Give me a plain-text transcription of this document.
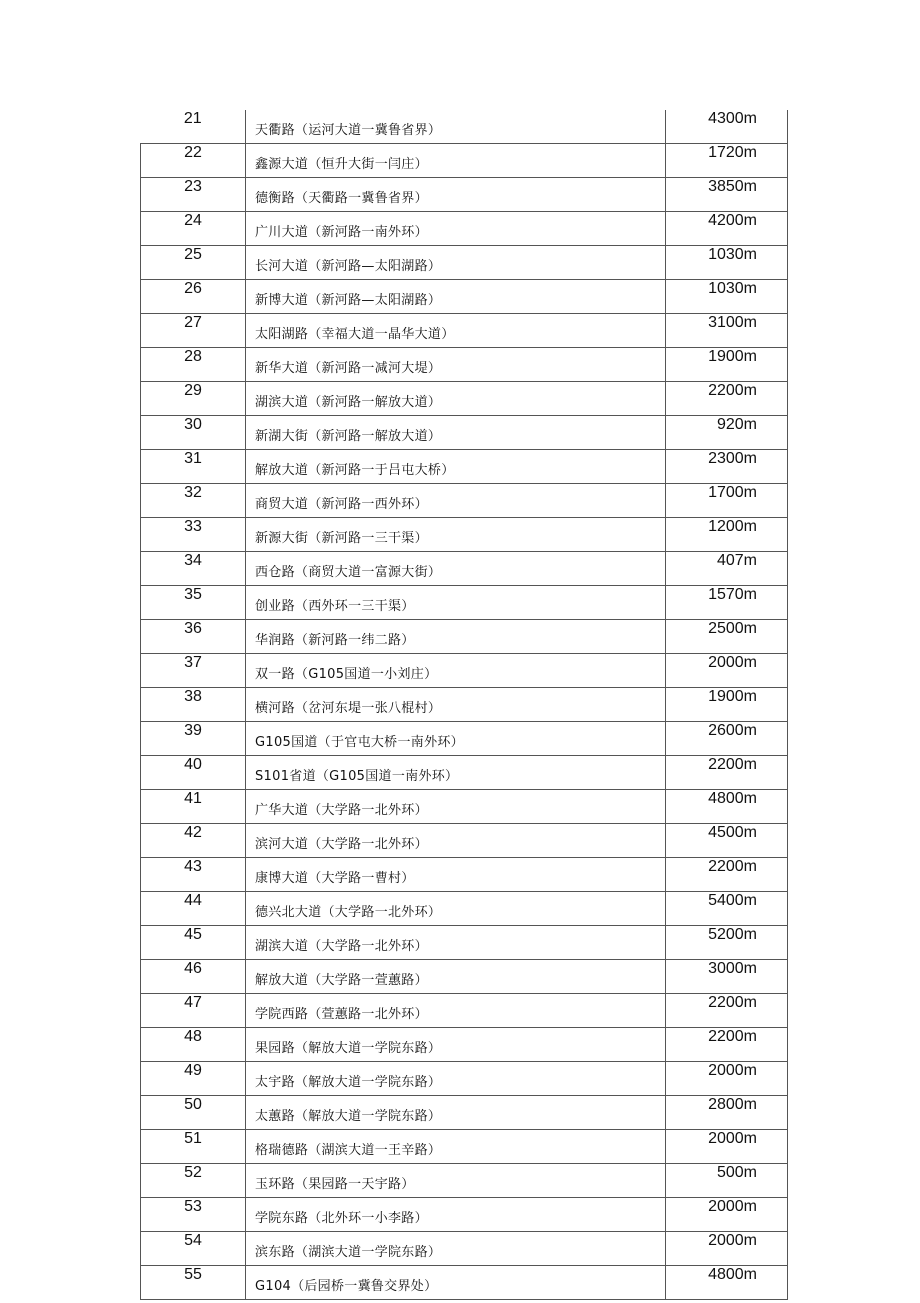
21	天衢路（运河大道一冀鲁省界）	4300m
22	鑫源大道（恒升大街一闫庄）	1720m
23	德衡路（天衢路一冀鲁省界）	3850m
24	广川大道（新河路一南外环）	4200m
25	长河大道（新河路—太阳湖路）	1030m
26	新博大道（新河路—太阳湖路）	1030m
27	太阳湖路（幸福大道一晶华大道）	3100m
28	新华大道（新河路一减河大堤）	1900m
29	湖滨大道（新河路一解放大道）	2200m
30	新湖大街（新河路一解放大道）	920m
31	解放大道（新河路一于吕屯大桥）	2300m
32	商贸大道（新河路一西外环）	1700m
33	新源大街（新河路一三干渠）	1200m
34	西仓路（商贸大道一富源大街）	407m
35	创业路（西外环一三干渠）	1570m
36	华润路（新河路一纬二路）	2500m
37	双一路（G105国道一小刘庄）	2000m
38	横河路（岔河东堤一张八棍村）	1900m
39	G105国道（于官屯大桥一南外环）	2600m
40	S101省道（G105国道一南外环）	2200m
41	广华大道（大学路一北外环）	4800m
42	滨河大道（大学路一北外环）	4500m
43	康博大道（大学路一曹村）	2200m
44	德兴北大道（大学路一北外环）	5400m
45	湖滨大道（大学路一北外环）	5200m
46	解放大道（大学路一萱蕙路）	3000m
47	学院西路（萱蕙路一北外环）	2200m
48	果园路（解放大道一学院东路）	2200m
49	太宇路（解放大道一学院东路）	2000m
50	太蕙路（解放大道一学院东路）	2800m
51	格瑞德路（湖滨大道一王辛路）	2000m
52	玉环路（果园路一天宇路）	500m
53	学院东路（北外环一小李路）	2000m
54	滨东路（湖滨大道一学院东路）	2000m
55	G104（后园桥一冀鲁交界处）	4800m
